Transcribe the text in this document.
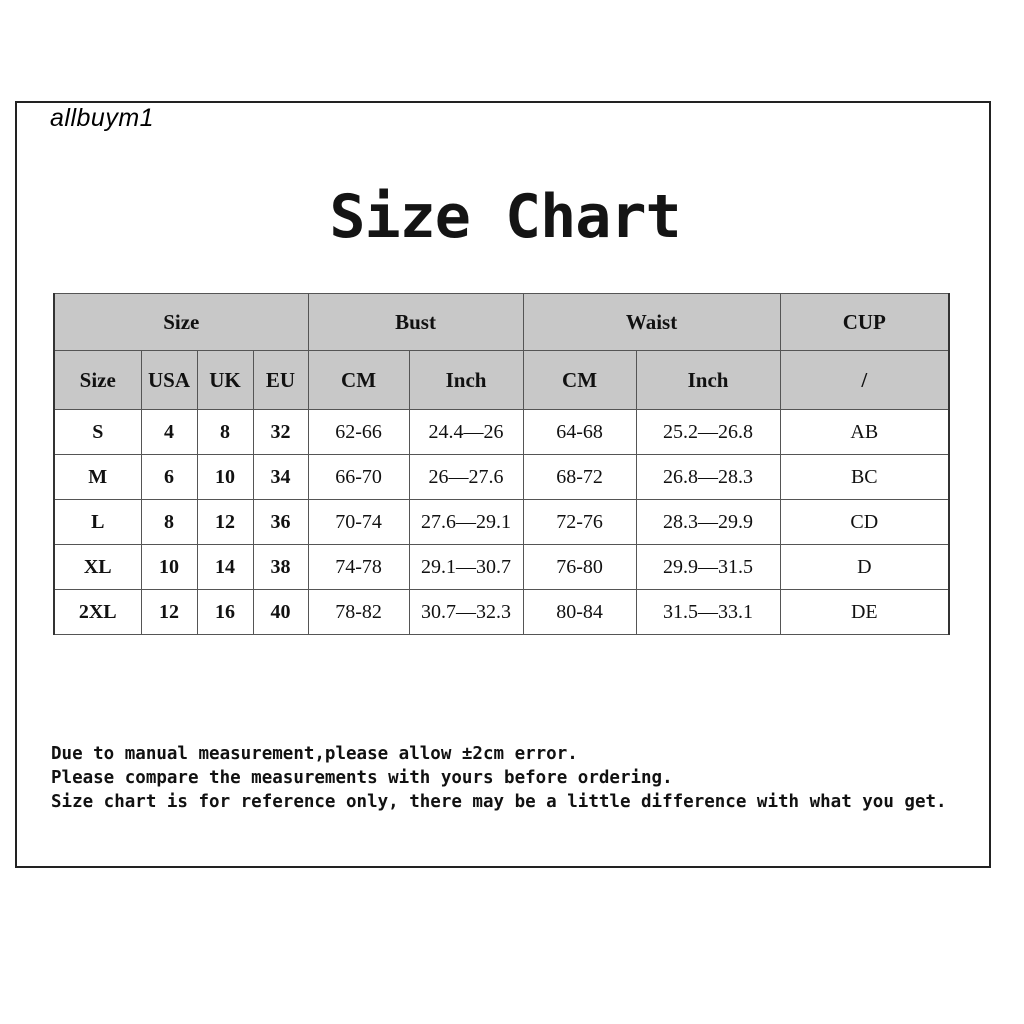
allbuym1
Size Chart
Size				Bust		Waist		CUP
Size	USA	UK	EU	CM	Inch	CM	Inch	/
S	4	8	32	62-66	24.4—26	64-68	25.2—26.8	AB
M	6	10	34	66-70	26—27.6	68-72	26.8—28.3	BC
L	8	12	36	70-74	27.6—29.1	72-76	28.3—29.9	CD
XL	10	14	38	74-78	29.1—30.7	76-80	29.9—31.5	D
2XL	12	16	40	78-82	30.7—32.3	80-84	31.5—33.1	DE
Due to manual measurement,please allow ±2cm error.
Please compare the measurements with yours before ordering.
Size chart is for reference only, there may be a little difference with what you get.
